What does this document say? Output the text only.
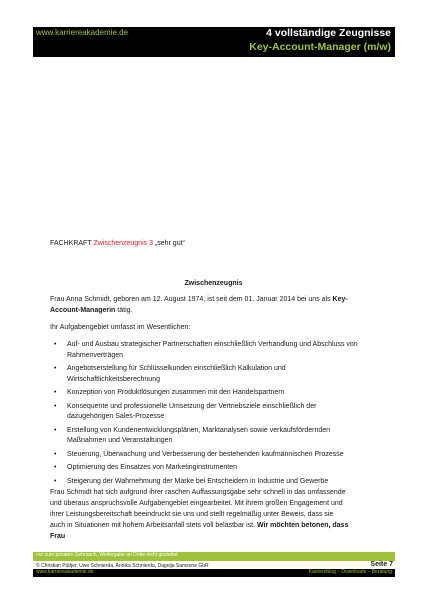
www.karriereakademie.de	4 vollständige Zeugnisse
Key-Account-Manager (m/w)
FACHKRAFT Zwischenzeugnis 3 „sehr gut“
Zwischenzeugnis
Frau Anna Schmidt, geboren am 12. August 1974, ist seit dem 01. Januar 2014 bei uns als Key-Account-Managerin tätig.
Ihr Aufgabengebiet umfasst im Wesentlichen:
• Auf- und Ausbau strategischer Partnerschaften einschließlich Verhandlung und Abschluss von Rahmenverträgen
• Angebotserstellung für Schlüsselkunden einschließlich Kalkulation und Wirtschaftlichkeitsberechnung
• Konzeption von Produktlösungen zusammen mit den Handelspartnern
• Konsequente und professionelle Umsetzung der Vertriebsziele einschließlich der dazugehörigen Sales-Prozesse
• Erstellung von Kundenentwicklungsplänen, Marktanalysen sowie verkaufsfördernden Maßnahmen und Veranstaltungen
• Steuerung, Überwachung und Verbesserung der bestehenden kaufmännischen Prozesse
• Optimierung des Einsatzes von Marketinginstrumenten
• Steigerung der Wahrnehmung der Marke bei Entscheidern in Industrie und Gewerbe
Frau Schmidt hat sich aufgrund ihrer raschen Auffassungsgabe sehr schnell in das umfassende und überaus anspruchsvolle Aufgabengebiet eingearbeitet. Mit ihrem großen Engagement und ihrer Leistungsbereitschaft beeindruckt sie uns und stellt regelmäßig unter Beweis, dass sie auch in Situationen mit hohem Arbeitsanfall stets voll belastbar ist. Wir möchten betonen, dass Frau
nur zum privaten Gebrauch, Weitergabe an Dritte nicht gestattet
© Christian Püttjer, Uwe Schnierda, Annika Schnierda, Dagnija Samsone GbR	Seite 7
www.karriereakademie.de	Karriereblog – Downloads – Beratung
